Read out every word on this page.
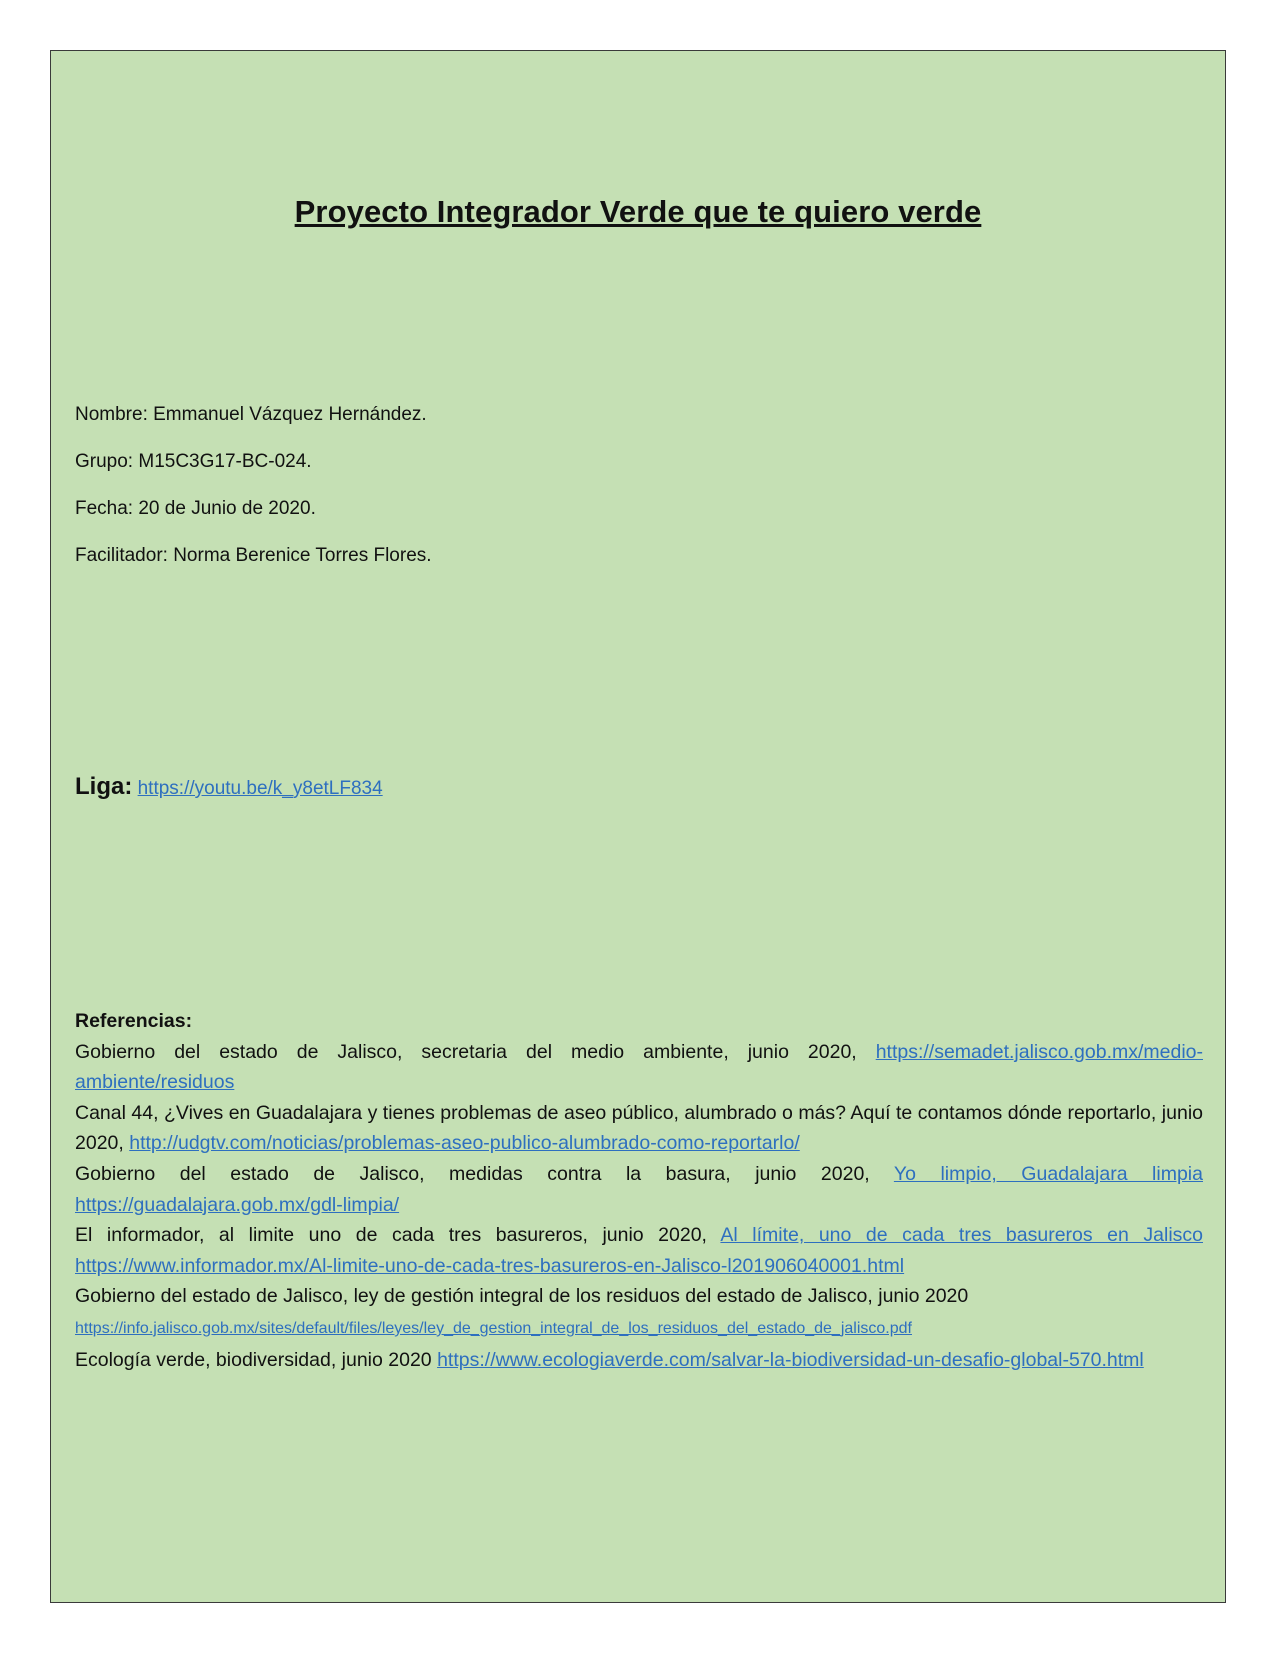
Proyecto Integrador Verde que te quiero verde

Nombre: Emmanuel Vázquez Hernández.

Grupo: M15C3G17-BC-024.

Fecha: 20 de Junio de 2020.

Facilitador: Norma Berenice Torres Flores.

Liga: https://youtu.be/k_y8etLF834
Referencias:

Gobierno del estado de Jalisco, secretaria del medio ambiente, junio 2020, https://semadet.jalisco.gob.mx/medio-ambiente/residuos

Canal 44, ¿Vives en Guadalajara y tienes problemas de aseo público, alumbrado o más? Aquí te contamos dónde reportarlo, junio 2020, http://udgtv.com/noticias/problemas-aseo-publico-alumbrado-como-reportarlo/

Gobierno del estado de Jalisco, medidas contra la basura, junio 2020, Yo limpio, Guadalajara limpia https://guadalajara.gob.mx/gdl-limpia/

El informador, al limite uno de cada tres basureros, junio 2020, Al límite, uno de cada tres basureros en Jalisco https://www.informador.mx/Al-limite-uno-de-cada-tres-basureros-en-Jalisco-l201906040001.html

Gobierno del estado de Jalisco, ley de gestión integral de los residuos del estado de Jalisco, junio 2020
https://info.jalisco.gob.mx/sites/default/files/leyes/ley_de_gestion_integral_de_los_residuos_del_estado_de_jalisco.pdf

Ecología verde, biodiversidad, junio 2020 https://www.ecologiaverde.com/salvar-la-biodiversidad-un-desafio-global-570.html
